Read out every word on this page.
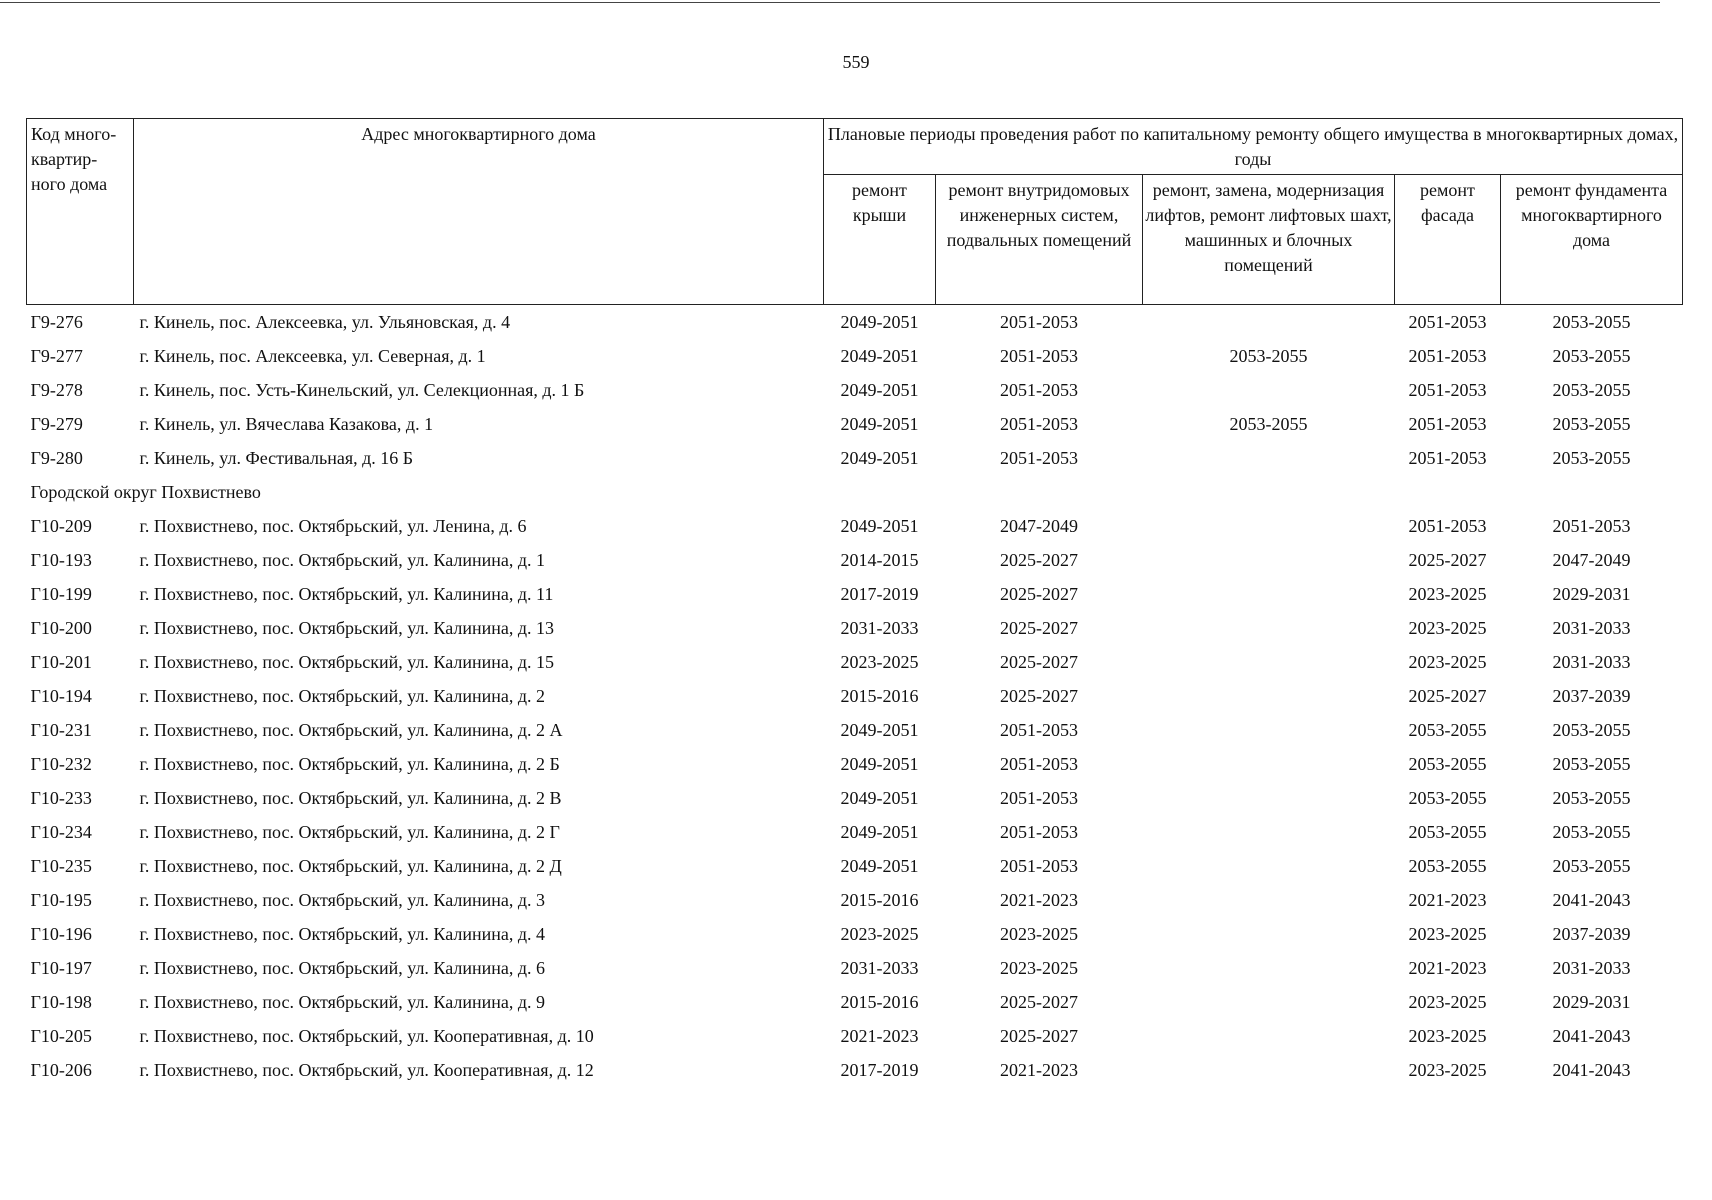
559
Код много-квартир-ного дома	Адрес многоквартирного дома	Плановые периоды проведения работ по капитальному ремонту общего имущества в многоквартирных домах, годы				
		ремонт крыши	ремонт внутридомовых инженерных систем, подвальных помещений	ремонт, замена, модернизация лифтов, ремонт лифтовых шахт, машинных и блочных помещений	ремонт фасада	ремонт фундамента многоквартирного дома
Г9-276	г. Кинель, пос. Алексеевка, ул. Ульяновская, д. 4	2049-2051	2051-2053		2051-2053	2053-2055
Г9-277	г. Кинель, пос. Алексеевка, ул. Северная, д. 1	2049-2051	2051-2053	2053-2055	2051-2053	2053-2055
Г9-278	г. Кинель, пос. Усть-Кинельский, ул. Селекционная, д. 1 Б	2049-2051	2051-2053		2051-2053	2053-2055
Г9-279	г. Кинель, ул. Вячеслава Казакова, д. 1	2049-2051	2051-2053	2053-2055	2051-2053	2053-2055
Г9-280	г. Кинель, ул. Фестивальная, д. 16 Б	2049-2051	2051-2053		2051-2053	2053-2055
Городской округ Похвистнево						
Г10-209	г. Похвистнево, пос. Октябрьский, ул. Ленина, д. 6	2049-2051	2047-2049		2051-2053	2051-2053
Г10-193	г. Похвистнево, пос. Октябрьский, ул. Калинина, д. 1	2014-2015	2025-2027		2025-2027	2047-2049
Г10-199	г. Похвистнево, пос. Октябрьский, ул. Калинина, д. 11	2017-2019	2025-2027		2023-2025	2029-2031
Г10-200	г. Похвистнево, пос. Октябрьский, ул. Калинина, д. 13	2031-2033	2025-2027		2023-2025	2031-2033
Г10-201	г. Похвистнево, пос. Октябрьский, ул. Калинина, д. 15	2023-2025	2025-2027		2023-2025	2031-2033
Г10-194	г. Похвистнево, пос. Октябрьский, ул. Калинина, д. 2	2015-2016	2025-2027		2025-2027	2037-2039
Г10-231	г. Похвистнево, пос. Октябрьский, ул. Калинина, д. 2 А	2049-2051	2051-2053		2053-2055	2053-2055
Г10-232	г. Похвистнево, пос. Октябрьский, ул. Калинина, д. 2 Б	2049-2051	2051-2053		2053-2055	2053-2055
Г10-233	г. Похвистнево, пос. Октябрьский, ул. Калинина, д. 2 В	2049-2051	2051-2053		2053-2055	2053-2055
Г10-234	г. Похвистнево, пос. Октябрьский, ул. Калинина, д. 2 Г	2049-2051	2051-2053		2053-2055	2053-2055
Г10-235	г. Похвистнево, пос. Октябрьский, ул. Калинина, д. 2 Д	2049-2051	2051-2053		2053-2055	2053-2055
Г10-195	г. Похвистнево, пос. Октябрьский, ул. Калинина, д. 3	2015-2016	2021-2023		2021-2023	2041-2043
Г10-196	г. Похвистнево, пос. Октябрьский, ул. Калинина, д. 4	2023-2025	2023-2025		2023-2025	2037-2039
Г10-197	г. Похвистнево, пос. Октябрьский, ул. Калинина, д. 6	2031-2033	2023-2025		2021-2023	2031-2033
Г10-198	г. Похвистнево, пос. Октябрьский, ул. Калинина, д. 9	2015-2016	2025-2027		2023-2025	2029-2031
Г10-205	г. Похвистнево, пос. Октябрьский, ул. Кооперативная, д. 10	2021-2023	2025-2027		2023-2025	2041-2043
Г10-206	г. Похвистнево, пос. Октябрьский, ул. Кооперативная, д. 12	2017-2019	2021-2023		2023-2025	2041-2043
